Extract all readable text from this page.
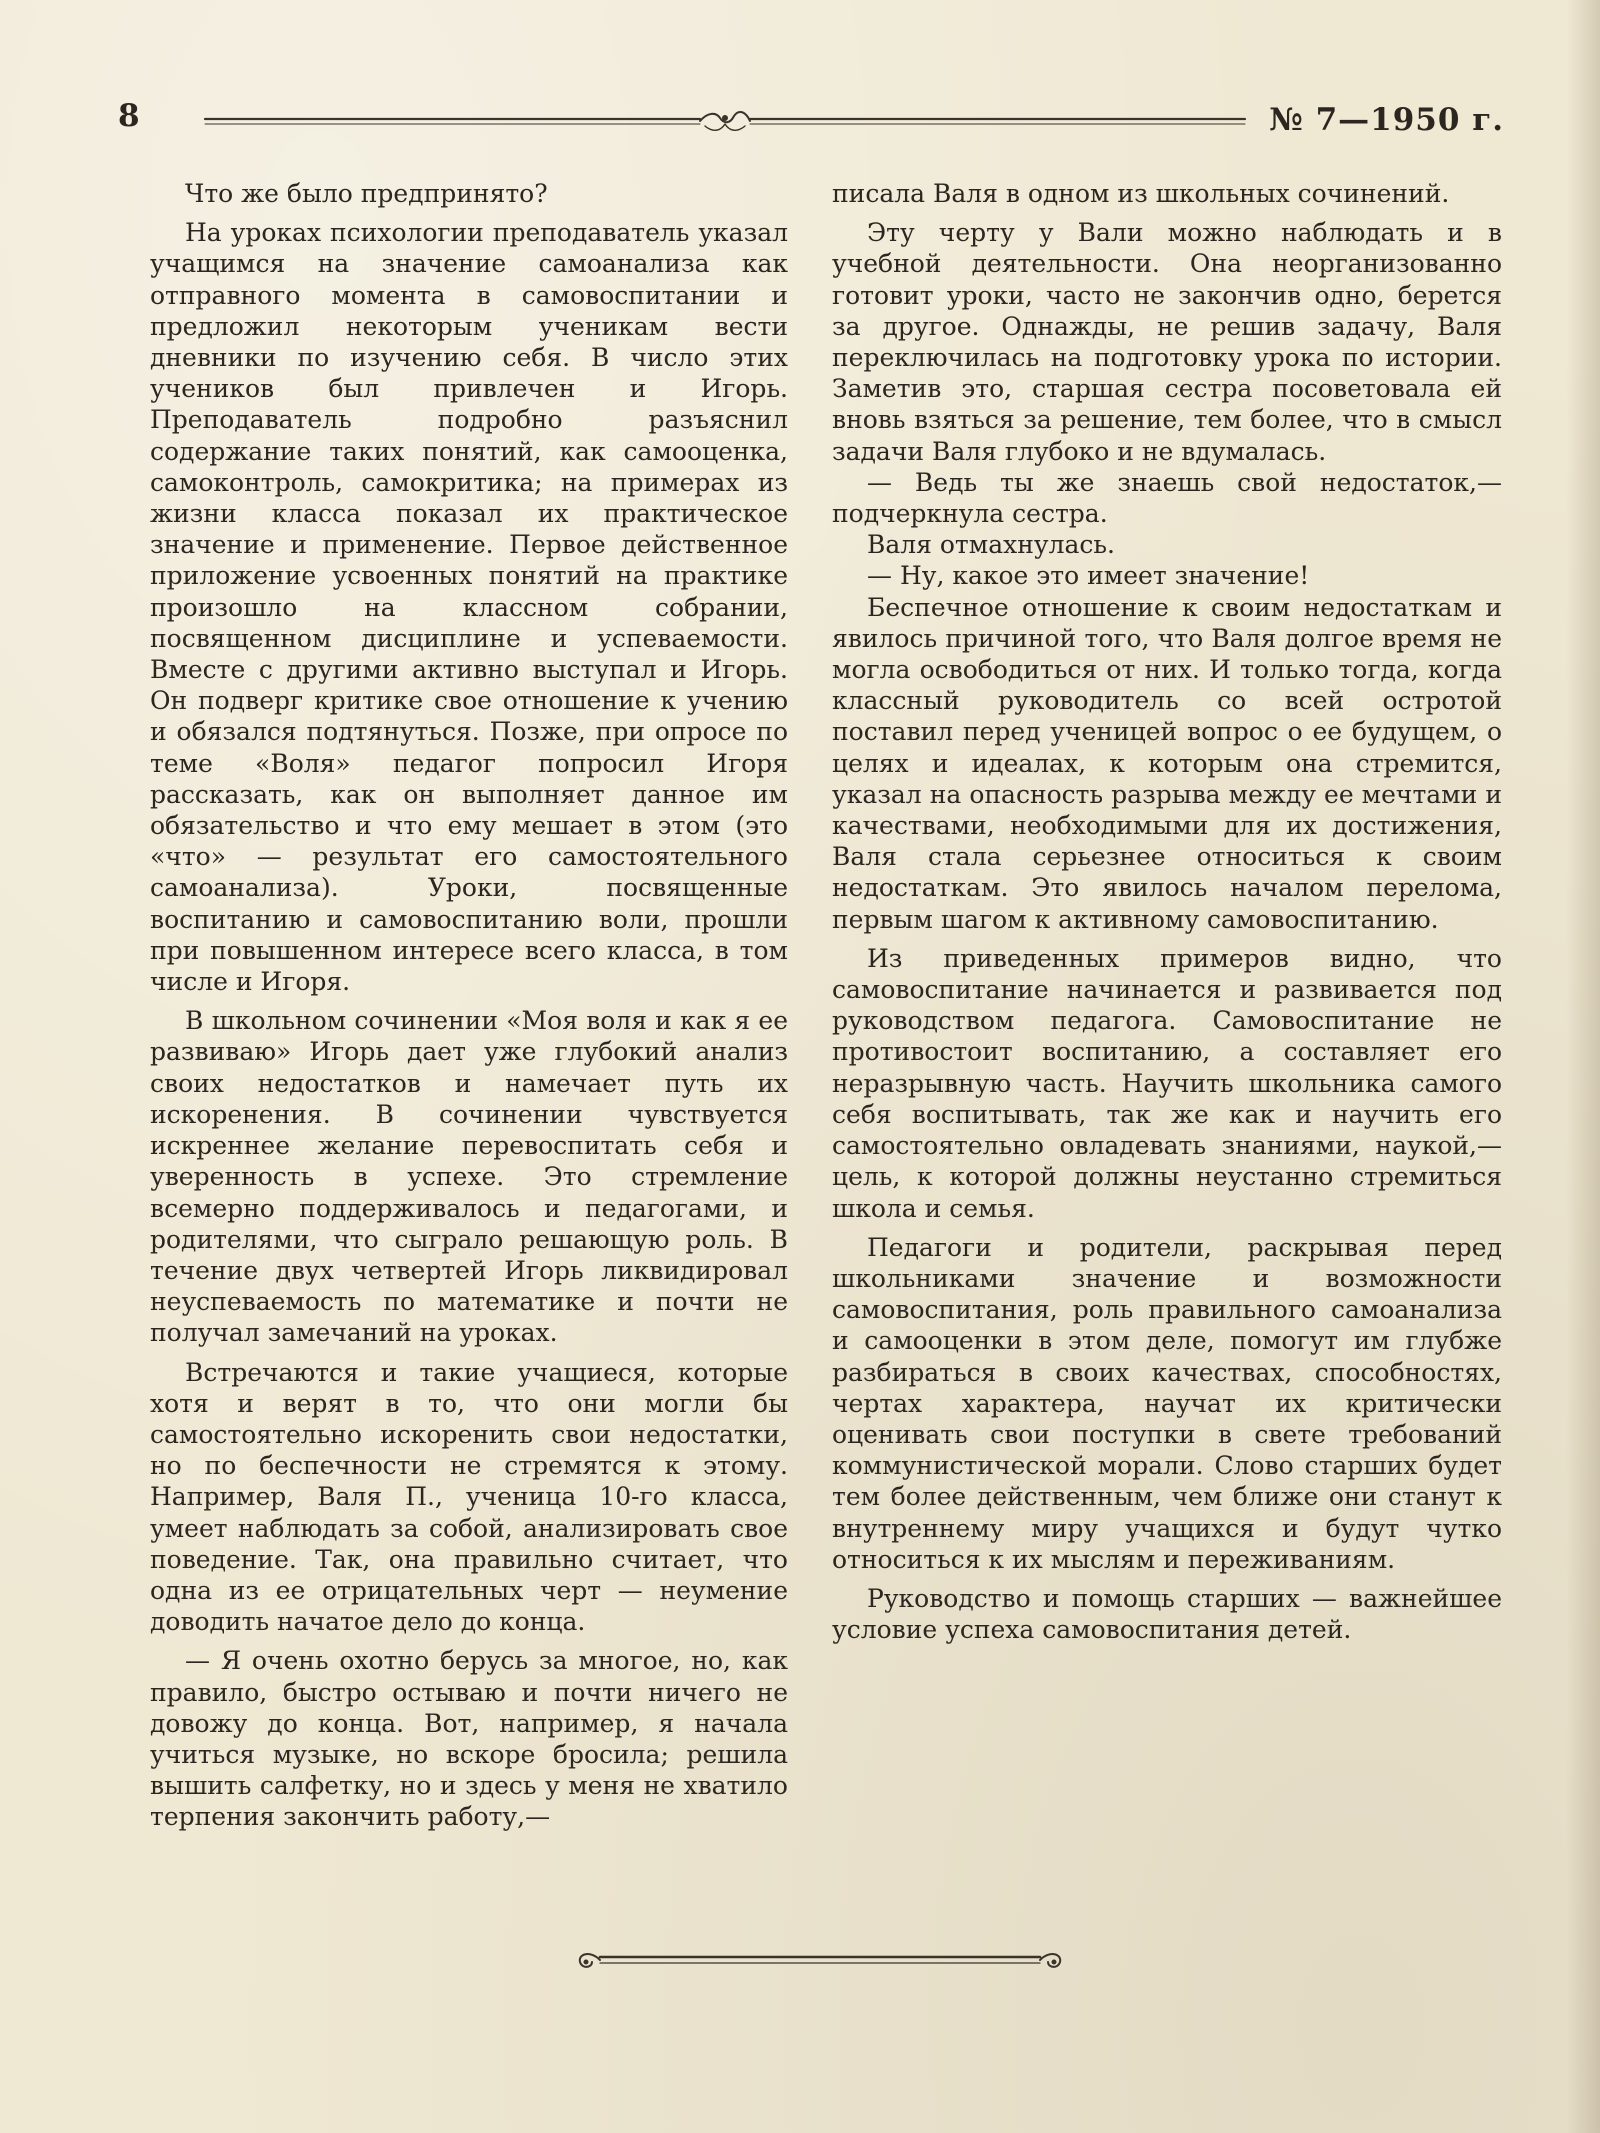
8	№ 7—1950 г.

Что же было предпринято?

На уроках психологии преподаватель указал учащимся на значение самоанализа как отправного момента в самовоспитании и предложил некоторым ученикам вести дневники по изучению себя. В число этих учеников был привлечен и Игорь. Преподаватель подробно разъяснил содержание таких понятий, как самооценка, самоконтроль, самокритика; на примерах из жизни класса показал их практическое значение и применение. Первое действенное приложение усвоенных понятий на практике произошло на классном собрании, посвященном дисциплине и успеваемости. Вместе с другими активно выступал и Игорь. Он подверг критике свое отношение к учению и обязался подтянуться. Позже, при опросе по теме «Воля» педагог попросил Игоря рассказать, как он выполняет данное им обязательство и что ему мешает в этом (это «что» — результат его самостоятельного самоанализа). Уроки, посвященные воспитанию и самовоспитанию воли, прошли при повышенном интересе всего класса, в том числе и Игоря.

В школьном сочинении «Моя воля и как я ее развиваю» Игорь дает уже глубокий анализ своих недостатков и намечает путь их искоренения. В сочинении чувствуется искреннее желание перевоспитать себя и уверенность в успехе. Это стремление всемерно поддерживалось и педагогами, и родителями, что сыграло решающую роль. В течение двух четвертей Игорь ликвидировал неуспеваемость по математике и почти не получал замечаний на уроках.

Встречаются и такие учащиеся, которые хотя и верят в то, что они могли бы самостоятельно искоренить свои недостатки, но по беспечности не стремятся к этому. Например, Валя П., ученица 10-го класса, умеет наблюдать за собой, анализировать свое поведение. Так, она правильно считает, что одна из ее отрицательных черт — неумение доводить начатое дело до конца.

— Я очень охотно берусь за многое, но, как правило, быстро остываю и почти ничего не довожу до конца. Вот, например, я начала учиться музыке, но вскоре бросила; решила вышить салфетку, но и здесь у меня не хватило терпения закончить работу,—

писала Валя в одном из школьных сочинений.

Эту черту у Вали можно наблюдать и в учебной деятельности. Она неорганизованно готовит уроки, часто не закончив одно, берется за другое. Однажды, не решив задачу, Валя переключилась на подготовку урока по истории. Заметив это, старшая сестра посоветовала ей вновь взяться за решение, тем более, что в смысл задачи Валя глубоко и не вдумалась.

— Ведь ты же знаешь свой недостаток,— подчеркнула сестра.

Валя отмахнулась.

— Ну, какое это имеет значение!

Беспечное отношение к своим недостаткам и явилось причиной того, что Валя долгое время не могла освободиться от них. И только тогда, когда классный руководитель со всей остротой поставил перед ученицей вопрос о ее будущем, о целях и идеалах, к которым она стремится, указал на опасность разрыва между ее мечтами и качествами, необходимыми для их достижения, Валя стала серьезнее относиться к своим недостаткам. Это явилось началом перелома, первым шагом к активному самовоспитанию.

Из приведенных примеров видно, что самовоспитание начинается и развивается под руководством педагога. Самовоспитание не противостоит воспитанию, а составляет его неразрывную часть. Научить школьника самого себя воспитывать, так же как и научить его самостоятельно овладевать знаниями, наукой,— цель, к которой должны неустанно стремиться школа и семья.

Педагоги и родители, раскрывая перед школьниками значение и возможности самовоспитания, роль правильного самоанализа и самооценки в этом деле, помогут им глубже разбираться в своих качествах, способностях, чертах характера, научат их критически оценивать свои поступки в свете требований коммунистической морали. Слово старших будет тем более действенным, чем ближе они станут к внутреннему миру учащихся и будут чутко относиться к их мыслям и переживаниям.

Руководство и помощь старших — важнейшее условие успеха самовоспитания детей.
